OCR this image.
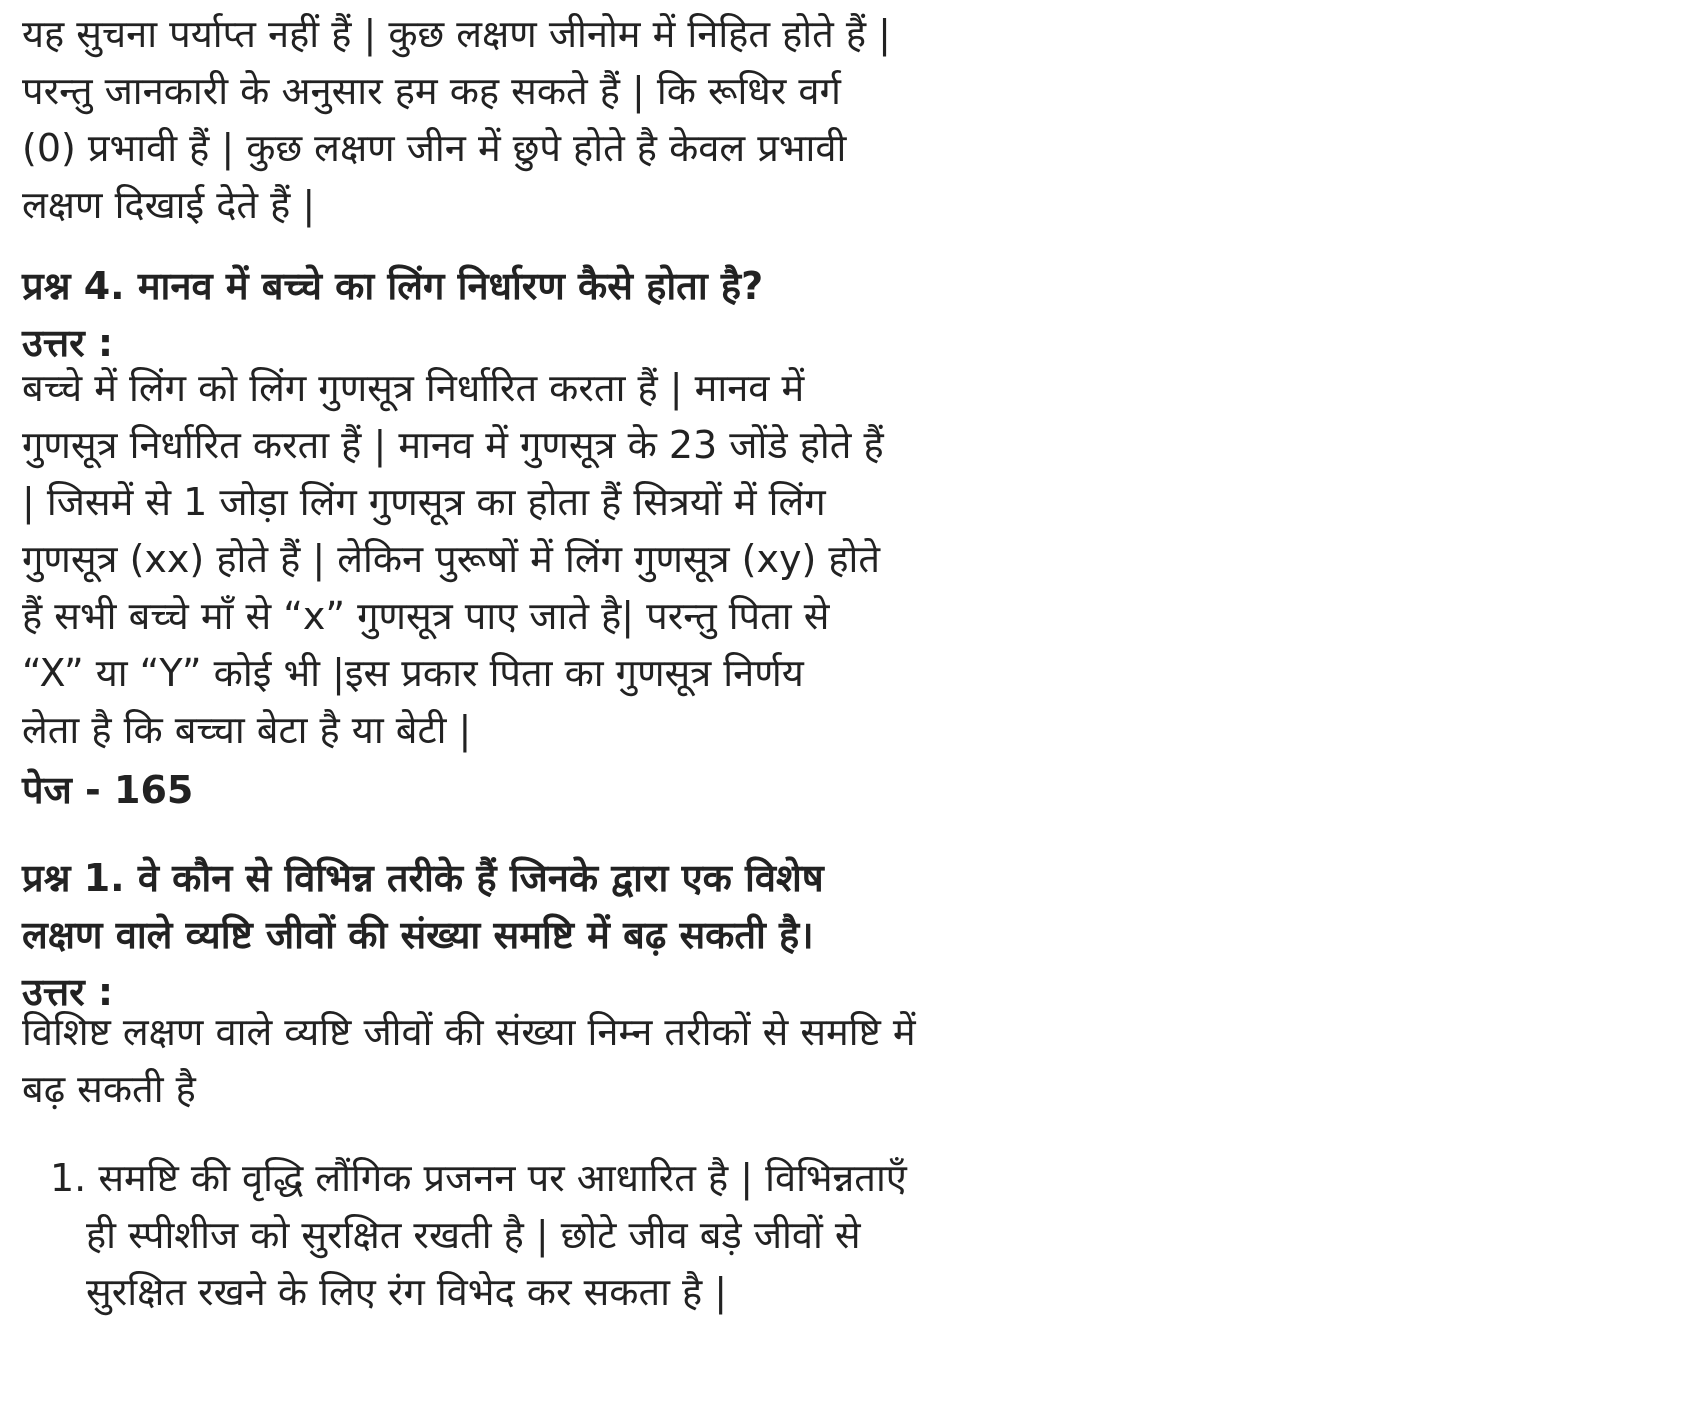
यह सुचना पर्याप्त नहीं हैं | कुछ लक्षण जीनोम में निहित होते हैं |
परन्तु जानकारी के अनुसार हम कह सकते हैं | कि रूधिर वर्ग
(0) प्रभावी हैं | कुछ लक्षण जीन में छुपे होते है केवल प्रभावी
लक्षण दिखाई देते हैं |
प्रश्न 4. मानव में बच्चे का लिंग निर्धारण कैसे होता है?
उत्तर :
बच्चे में लिंग को लिंग गुणसूत्र निर्धारित करता हैं | मानव में
गुणसूत्र निर्धारित करता हैं | मानव में गुणसूत्र के 23 जोंडे होते हैं
| जिसमें से 1 जोड़ा लिंग गुणसूत्र का होता हैं सित्रयों में लिंग
गुणसूत्र (xx) होते हैं | लेकिन पुरूषों में लिंग गुणसूत्र (xy) होते
हैं सभी बच्चे माँ से “x” गुणसूत्र पाए जाते है| परन्तु पिता से
“X” या “Y” कोई भी |इस प्रकार पिता का गुणसूत्र निर्णय
लेता है कि बच्चा बेटा है या बेटी |
पेज - 165
प्रश्न 1. वे कौन से विभिन्न तरीके हैं जिनके द्वारा एक विशेष
लक्षण वाले व्यष्टि जीवों की संख्या समष्टि में बढ़ सकती है।
उत्तर :
विशिष्ट लक्षण वाले व्यष्टि जीवों की संख्या निम्न तरीकों से समष्टि में
बढ़ सकती है
1. समष्टि की वृद्धि लौंगिक प्रजनन पर आधारित है | विभिन्नताएँ
ही स्पीशीज को सुरक्षित रखती है | छोटे जीव बड़े जीवों से
सुरक्षित रखने के लिए रंग विभेद कर सकता है |
